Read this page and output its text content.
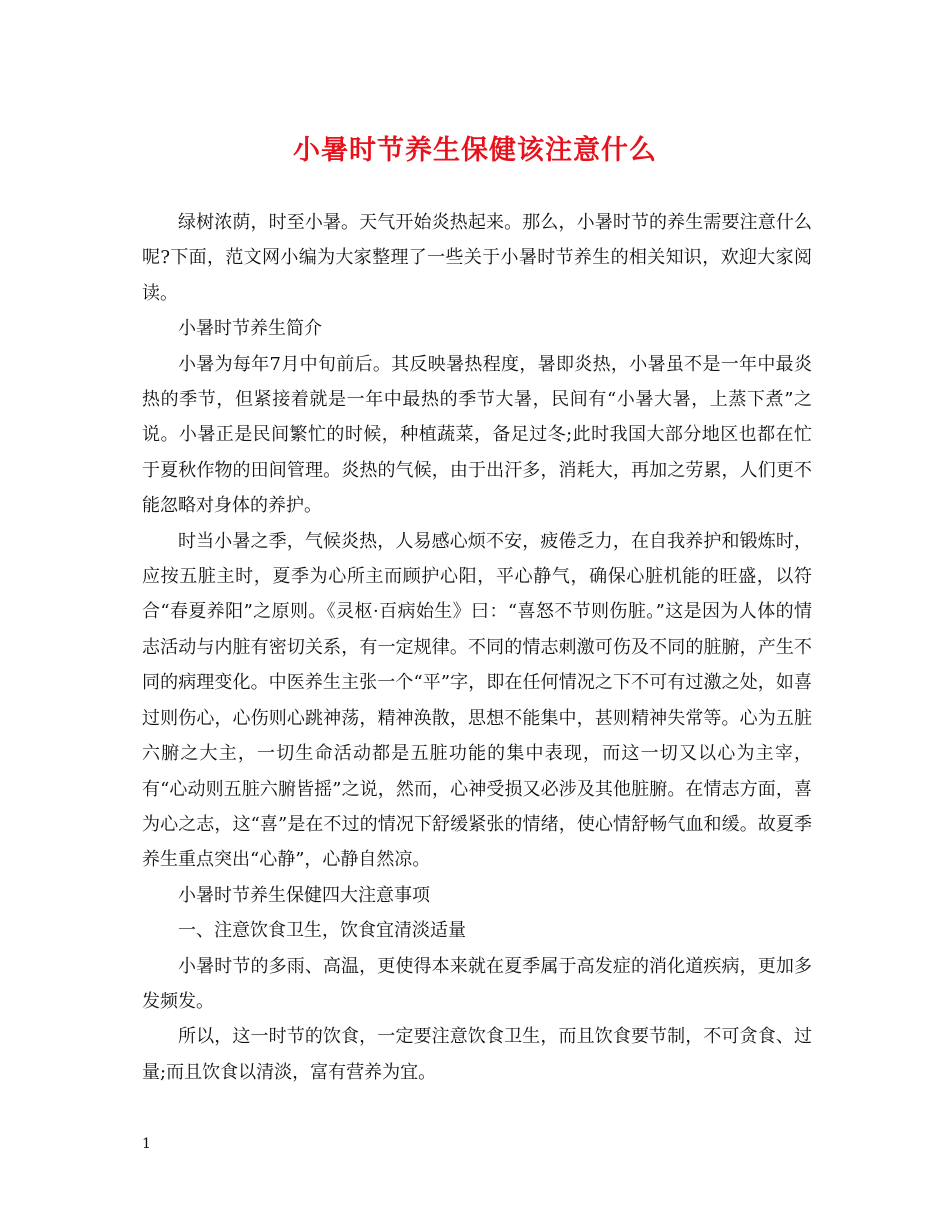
小暑时节养生保健该注意什么

绿树浓荫，时至小暑。天气开始炎热起来。那么，小暑时节的养生需要注意什么呢?下面，范文网小编为大家整理了一些关于小暑时节养生的相关知识，欢迎大家阅读。

小暑时节养生简介

小暑为每年7月中旬前后。其反映暑热程度，暑即炎热，小暑虽不是一年中最炎热的季节，但紧接着就是一年中最热的季节大暑，民间有“小暑大暑，上蒸下煮”之说。小暑正是民间繁忙的时候，种植蔬菜，备足过冬;此时我国大部分地区也都在忙于夏秋作物的田间管理。炎热的气候，由于出汗多，消耗大，再加之劳累，人们更不能忽略对身体的养护。

时当小暑之季，气候炎热，人易感心烦不安，疲倦乏力，在自我养护和锻炼时，应按五脏主时，夏季为心所主而顾护心阳，平心静气，确保心脏机能的旺盛，以符合“春夏养阳”之原则。《灵枢·百病始生》曰：“喜怒不节则伤脏。”这是因为人体的情志活动与内脏有密切关系，有一定规律。不同的情志刺激可伤及不同的脏腑，产生不同的病理变化。中医养生主张一个“平”字，即在任何情况之下不可有过激之处，如喜过则伤心，心伤则心跳神荡，精神涣散，思想不能集中，甚则精神失常等。心为五脏六腑之大主，一切生命活动都是五脏功能的集中表现，而这一切又以心为主宰，有“心动则五脏六腑皆摇”之说，然而，心神受损又必涉及其他脏腑。在情志方面，喜为心之志，这“喜”是在不过的情况下舒缓紧张的情绪，使心情舒畅气血和缓。故夏季养生重点突出“心静”，心静自然凉。

小暑时节养生保健四大注意事项

一、注意饮食卫生，饮食宜清淡适量

小暑时节的多雨、高温，更使得本来就在夏季属于高发症的消化道疾病，更加多发频发。

所以，这一时节的饮食，一定要注意饮食卫生，而且饮食要节制，不可贪食、过量;而且饮食以清淡，富有营养为宜。

1
